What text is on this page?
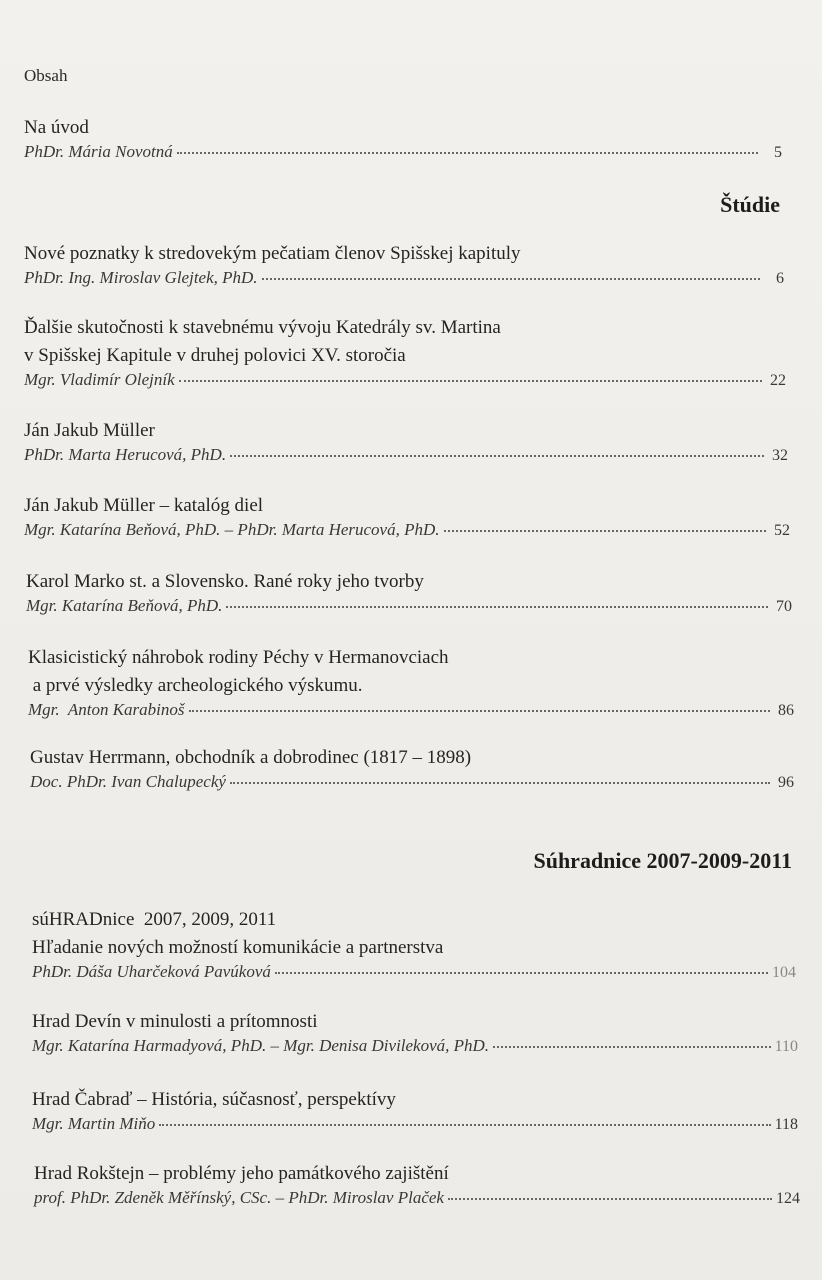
Obsah
Na úvod
PhDr. Mária Novotná	5
Štúdie
Nové poznatky k stredovekým pečatiam členov Spišskej kapituly
PhDr. Ing. Miroslav Glejtek, PhD.	6
Ďalšie skutočnosti k stavebnému vývoju Katedrály sv. Martina
v Spišskej Kapitule v druhej polovici XV. storočia
Mgr. Vladimír Olejník	22
Ján Jakub Müller
PhDr. Marta Herucová, PhD.	32
Ján Jakub Müller – katalóg diel
Mgr. Katarína Beňová, PhD. – PhDr. Marta Herucová, PhD.	52
Karol Marko st. a Slovensko. Rané roky jeho tvorby
Mgr. Katarína Beňová, PhD.	70
Klasicistický náhrobok rodiny Péchy v Hermanovciach
a prvé výsledky archeologického výskumu.
Mgr.  Anton Karabinoš	86
Gustav Herrmann, obchodník a dobrodinec (1817 – 1898)
Doc. PhDr. Ivan Chalupecký	96
Súhradnice 2007-2009-2011
súHRADnice  2007, 2009, 2011
Hľadanie nových možností komunikácie a partnerstva
PhDr. Dáša Uharčeková Pavúková	104
Hrad Devín v minulosti a prítomnosti
Mgr. Katarína Harmadyová, PhD. – Mgr. Denisa Divileková, PhD.	110
Hrad Čabraď – História, súčasnosť, perspektívy
Mgr. Martin Miňo	118
Hrad Rokštejn – problémy jeho památkového zajištění
prof. PhDr. Zdeněk Měřínský, CSc. – PhDr. Miroslav Plaček	124
